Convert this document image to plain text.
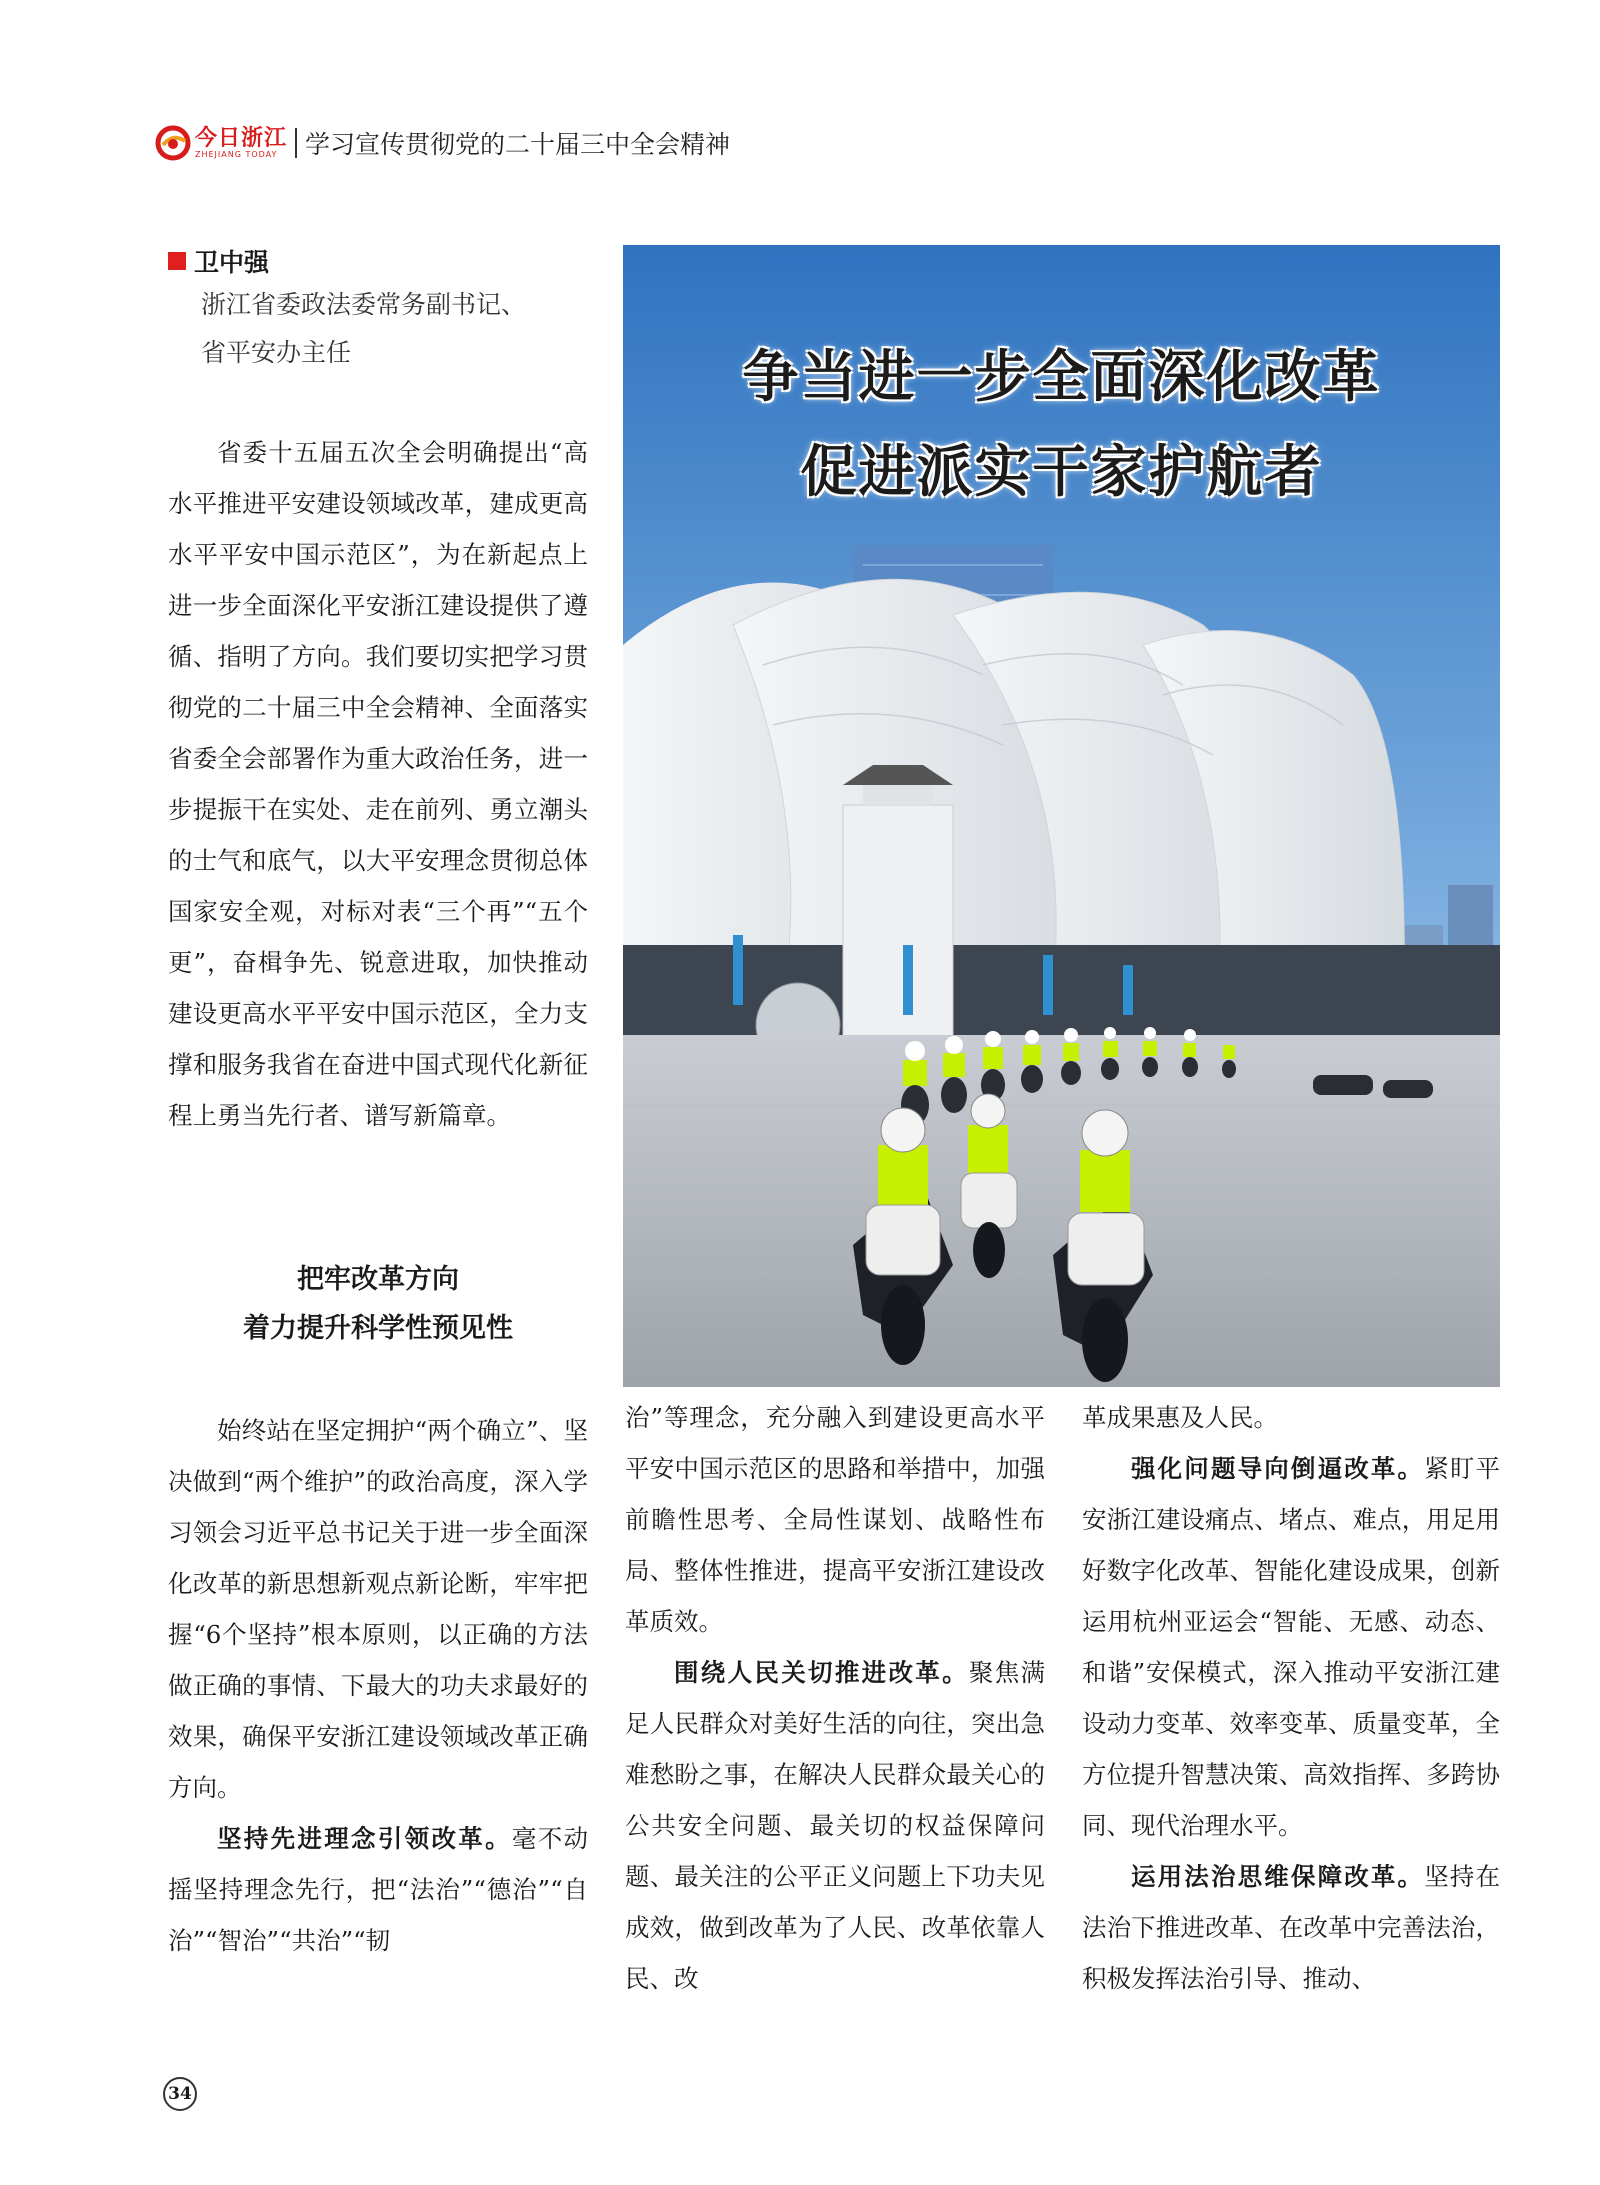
今日浙江
ZHEJIANG TODAY	学习宣传贯彻党的二十届三中全会精神
卫中强
浙江省委政法委常务副书记、
省平安办主任

省委十五届五次全会明确提出“高水平推进平安建设领域改革，建成更高水平平安中国示范区”，为在新起点上进一步全面深化平安浙江建设提供了遵循、指明了方向。我们要切实把学习贯彻党的二十届三中全会精神、全面落实省委全会部署作为重大政治任务，进一步提振干在实处、走在前列、勇立潮头的士气和底气，以大平安理念贯彻总体国家安全观，对标对表“三个再”“五个更”，奋楫争先、锐意进取，加快推动建设更高水平平安中国示范区，全力支撑和服务我省在奋进中国式现代化新征程上勇当先行者、谱写新篇章。

把牢改革方向
着力提升科学性预见性

始终站在坚定拥护“两个确立”、坚决做到“两个维护”的政治高度，深入学习领会习近平总书记关于进一步全面深化改革的新思想新观点新论断，牢牢把握“6个坚持”根本原则，以正确的方法做正确的事情、下最大的功夫求最好的效果，确保平安浙江建设领域改革正确方向。

坚持先进理念引领改革。毫不动摇坚持理念先行，把“法治”“德治”“自治”“智治”“共治”“韧

治”等理念，充分融入到建设更高水平平安中国示范区的思路和举措中，加强前瞻性思考、全局性谋划、战略性布局、整体性推进，提高平安浙江建设改革质效。

围绕人民关切推进改革。聚焦满足人民群众对美好生活的向往，突出急难愁盼之事，在解决人民群众最关心的公共安全问题、最关切的权益保障问题、最关注的公平正义问题上下功夫见成效，做到改革为了人民、改革依靠人民、改

革成果惠及人民。

强化问题导向倒逼改革。紧盯平安浙江建设痛点、堵点、难点，用足用好数字化改革、智能化建设成果，创新运用杭州亚运会“智能、无感、动态、和谐”安保模式，深入推动平安浙江建设动力变革、效率变革、质量变革，全方位提升智慧决策、高效指挥、多跨协同、现代治理水平。

运用法治思维保障改革。坚持在法治下推进改革、在改革中完善法治，积极发挥法治引导、推动、

争当进一步全面深化改革
促进派实干家护航者
34
